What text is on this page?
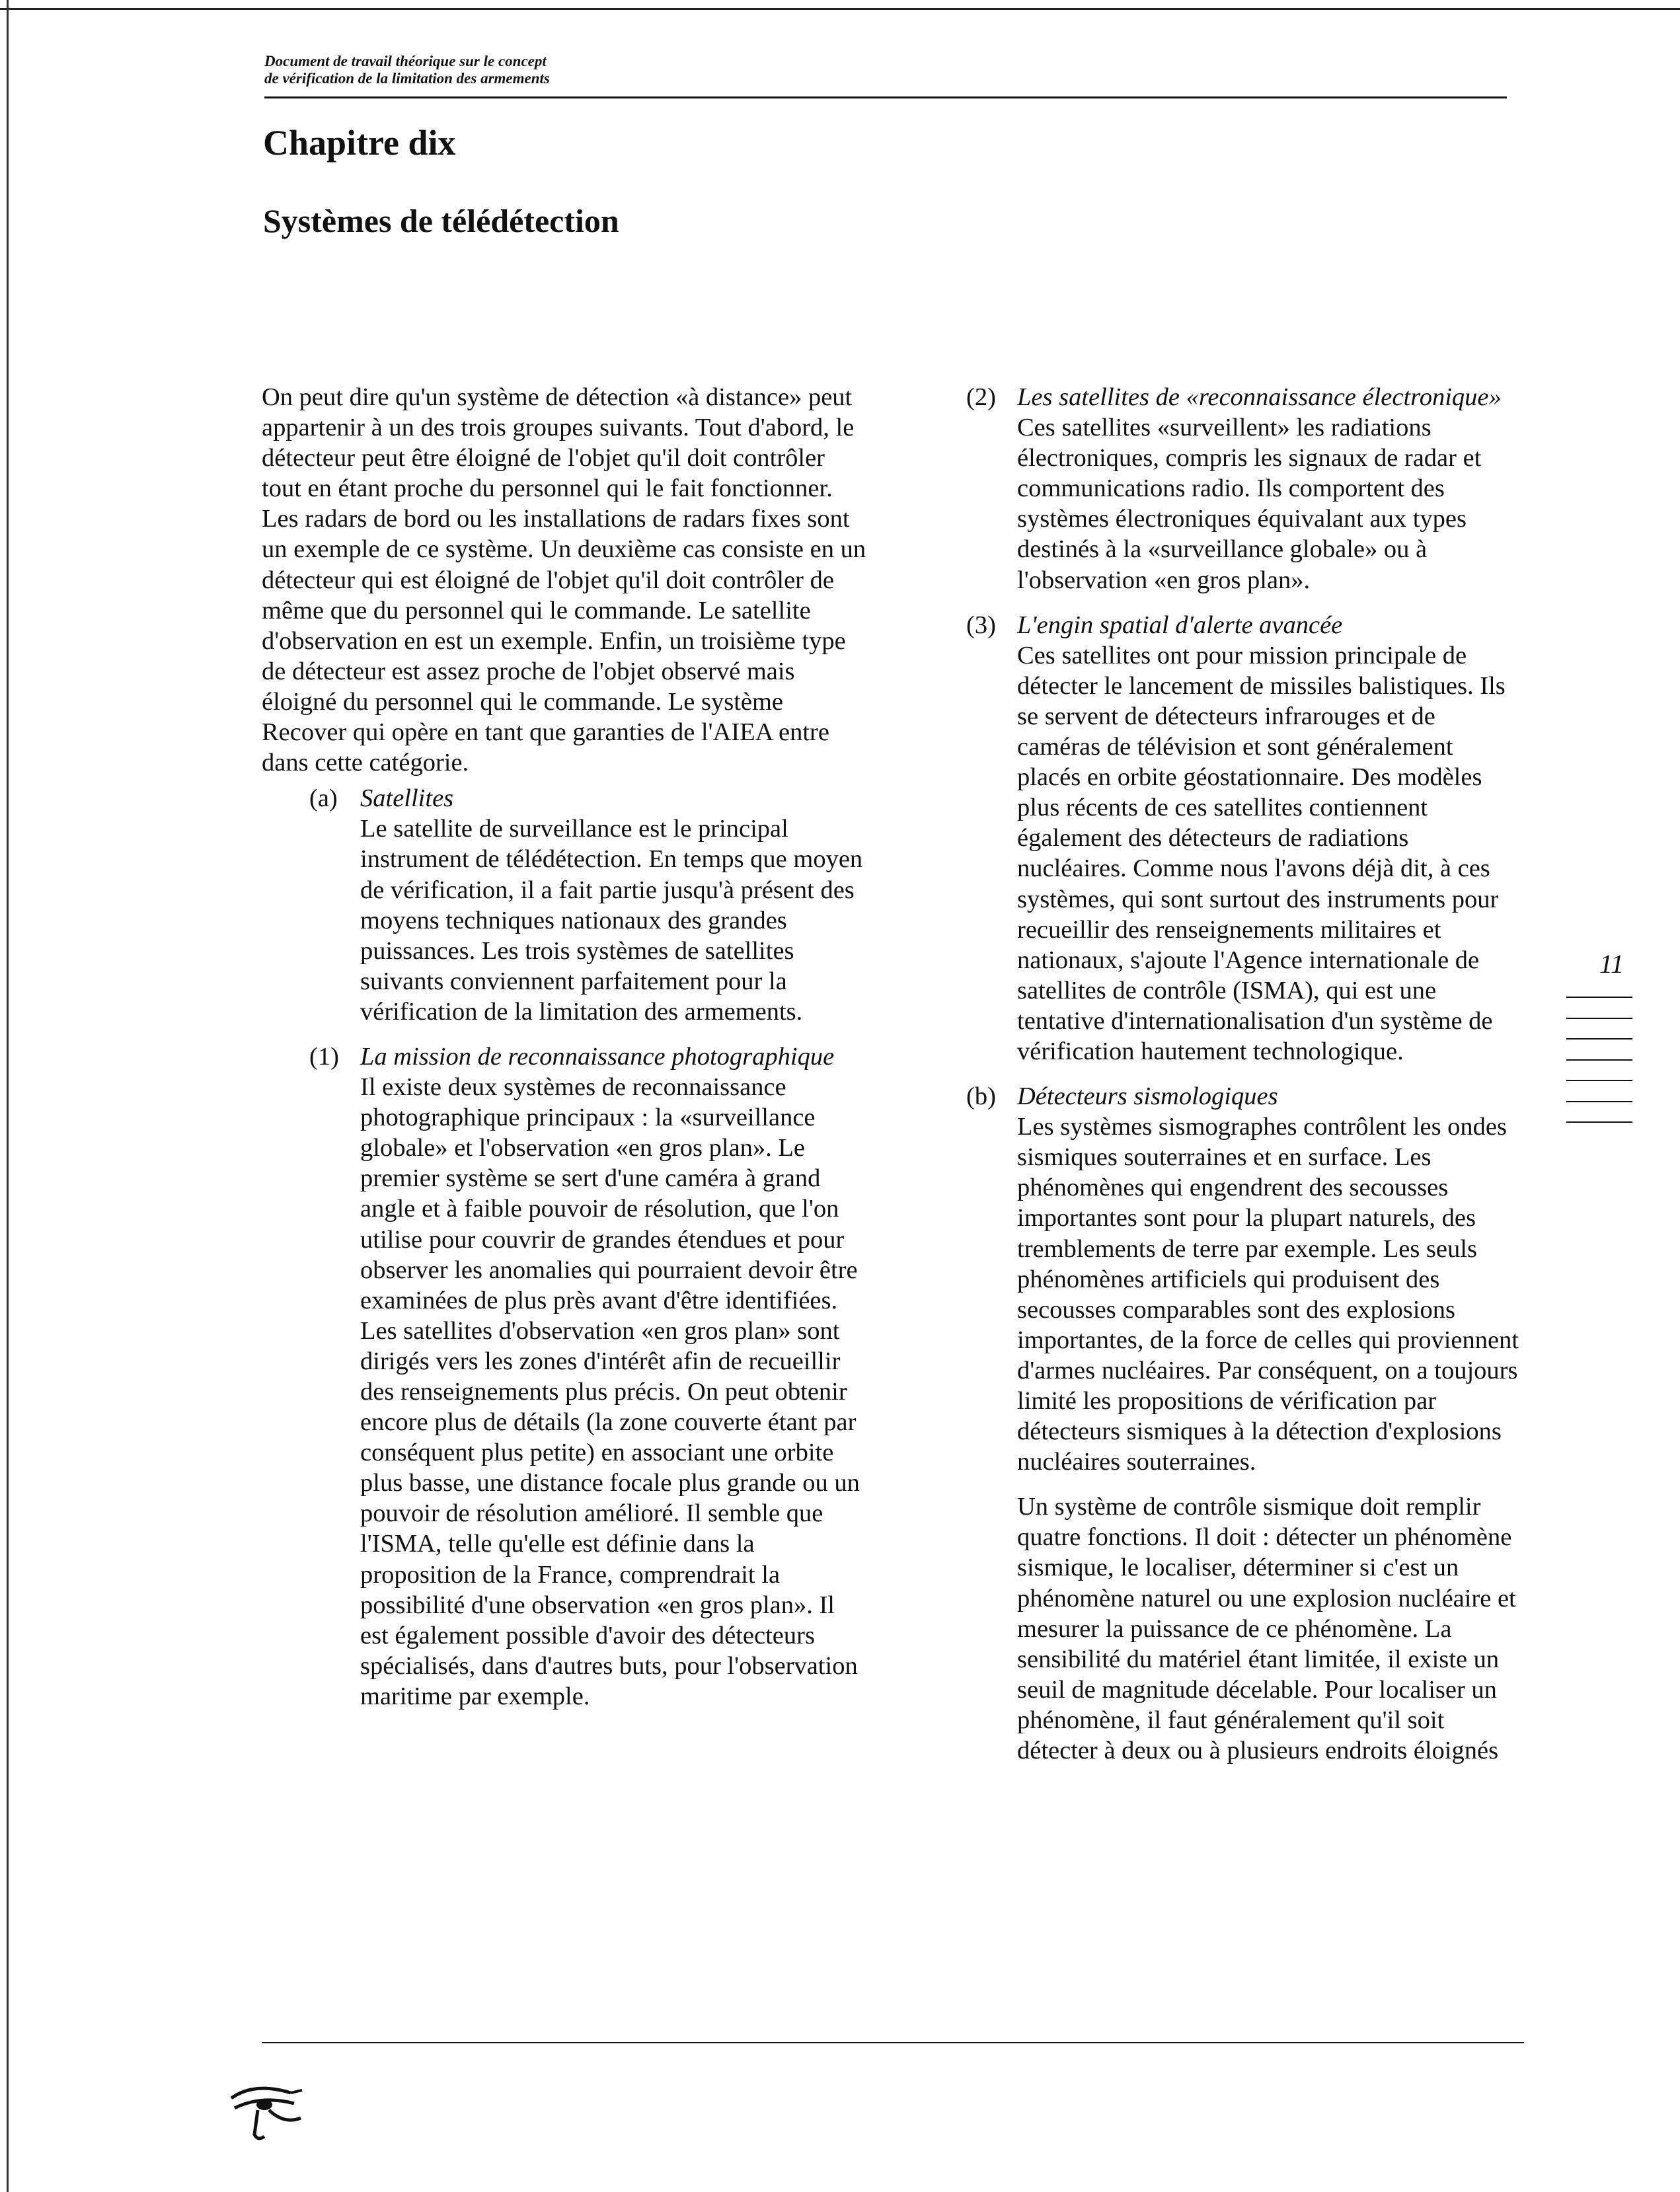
Document de travail théorique sur le concept
de vérification de la limitation des armements
Chapitre dix
Systèmes de télédétection

On peut dire qu'un système de détection «à distance» peut appartenir à un des trois groupes suivants. Tout d'abord, le détecteur peut être éloigné de l'objet qu'il doit contrôler tout en étant proche du personnel qui le fait fonctionner. Les radars de bord ou les installations de radars fixes sont un exemple de ce système. Un deuxième cas consiste en un détecteur qui est éloigné de l'objet qu'il doit contrôler de même que du personnel qui le commande. Le satellite d'observation en est un exemple. Enfin, un troisième type de détecteur est assez proche de l'objet observé mais éloigné du personnel qui le commande. Le système Recover qui opère en tant que garanties de l'AIEA entre dans cette catégorie.

(a) Satellites
Le satellite de surveillance est le principal instrument de télédétection. En temps que moyen de vérification, il a fait partie jusqu'à présent des moyens techniques nationaux des grandes puissances. Les trois systèmes de satellites suivants conviennent parfaitement pour la vérification de la limitation des armements.
(1) La mission de reconnaissance photographique
Il existe deux systèmes de reconnaissance photographique principaux : la «surveillance globale» et l'observation «en gros plan». Le premier système se sert d'une caméra à grand angle et à faible pouvoir de résolution, que l'on utilise pour couvrir de grandes étendues et pour observer les anomalies qui pourraient devoir être examinées de plus près avant d'être identifiées. Les satellites d'observation «en gros plan» sont dirigés vers les zones d'intérêt afin de recueillir des renseignements plus précis. On peut obtenir encore plus de détails (la zone couverte étant par conséquent plus petite) en associant une orbite plus basse, une distance focale plus grande ou un pouvoir de résolution amélioré. Il semble que l'ISMA, telle qu'elle est définie dans la proposition de la France, comprendrait la possibilité d'une observation «en gros plan». Il est également possible d'avoir des détecteurs spécialisés, dans d'autres buts, pour l'observation maritime par exemple.
(2) Les satellites de «reconnaissance électronique»
Ces satellites «surveillent» les radiations électroniques, compris les signaux de radar et communications radio. Ils comportent des systèmes électroniques équivalant aux types destinés à la «surveillance globale» ou à l'observation «en gros plan».
(3) L'engin spatial d'alerte avancée
Ces satellites ont pour mission principale de détecter le lancement de missiles balistiques. Ils se servent de détecteurs infrarouges et de caméras de télévision et sont généralement placés en orbite géostationnaire. Des modèles plus récents de ces satellites contiennent également des détecteurs de radiations nucléaires. Comme nous l'avons déjà dit, à ces systèmes, qui sont surtout des instruments pour recueillir des renseignements militaires et nationaux, s'ajoute l'Agence internationale de satellites de contrôle (ISMA), qui est une tentative d'internationalisation d'un système de vérification hautement technologique.
(b) Détecteurs sismologiques
Les systèmes sismographes contrôlent les ondes sismiques souterraines et en surface. Les phénomènes qui engendrent des secousses importantes sont pour la plupart naturels, des tremblements de terre par exemple. Les seuls phénomènes artificiels qui produisent des secousses comparables sont des explosions importantes, de la force de celles qui proviennent d'armes nucléaires. Par conséquent, on a toujours limité les propositions de vérification par détecteurs sismiques à la détection d'explosions nucléaires souterraines.

Un système de contrôle sismique doit remplir quatre fonctions. Il doit : détecter un phénomène sismique, le localiser, déterminer si c'est un phénomène naturel ou une explosion nucléaire et mesurer la puissance de ce phénomène. La sensibilité du matériel étant limitée, il existe un seuil de magnitude décelable. Pour localiser un phénomène, il faut généralement qu'il soit détecter à deux ou à plusieurs endroits éloignés

11
